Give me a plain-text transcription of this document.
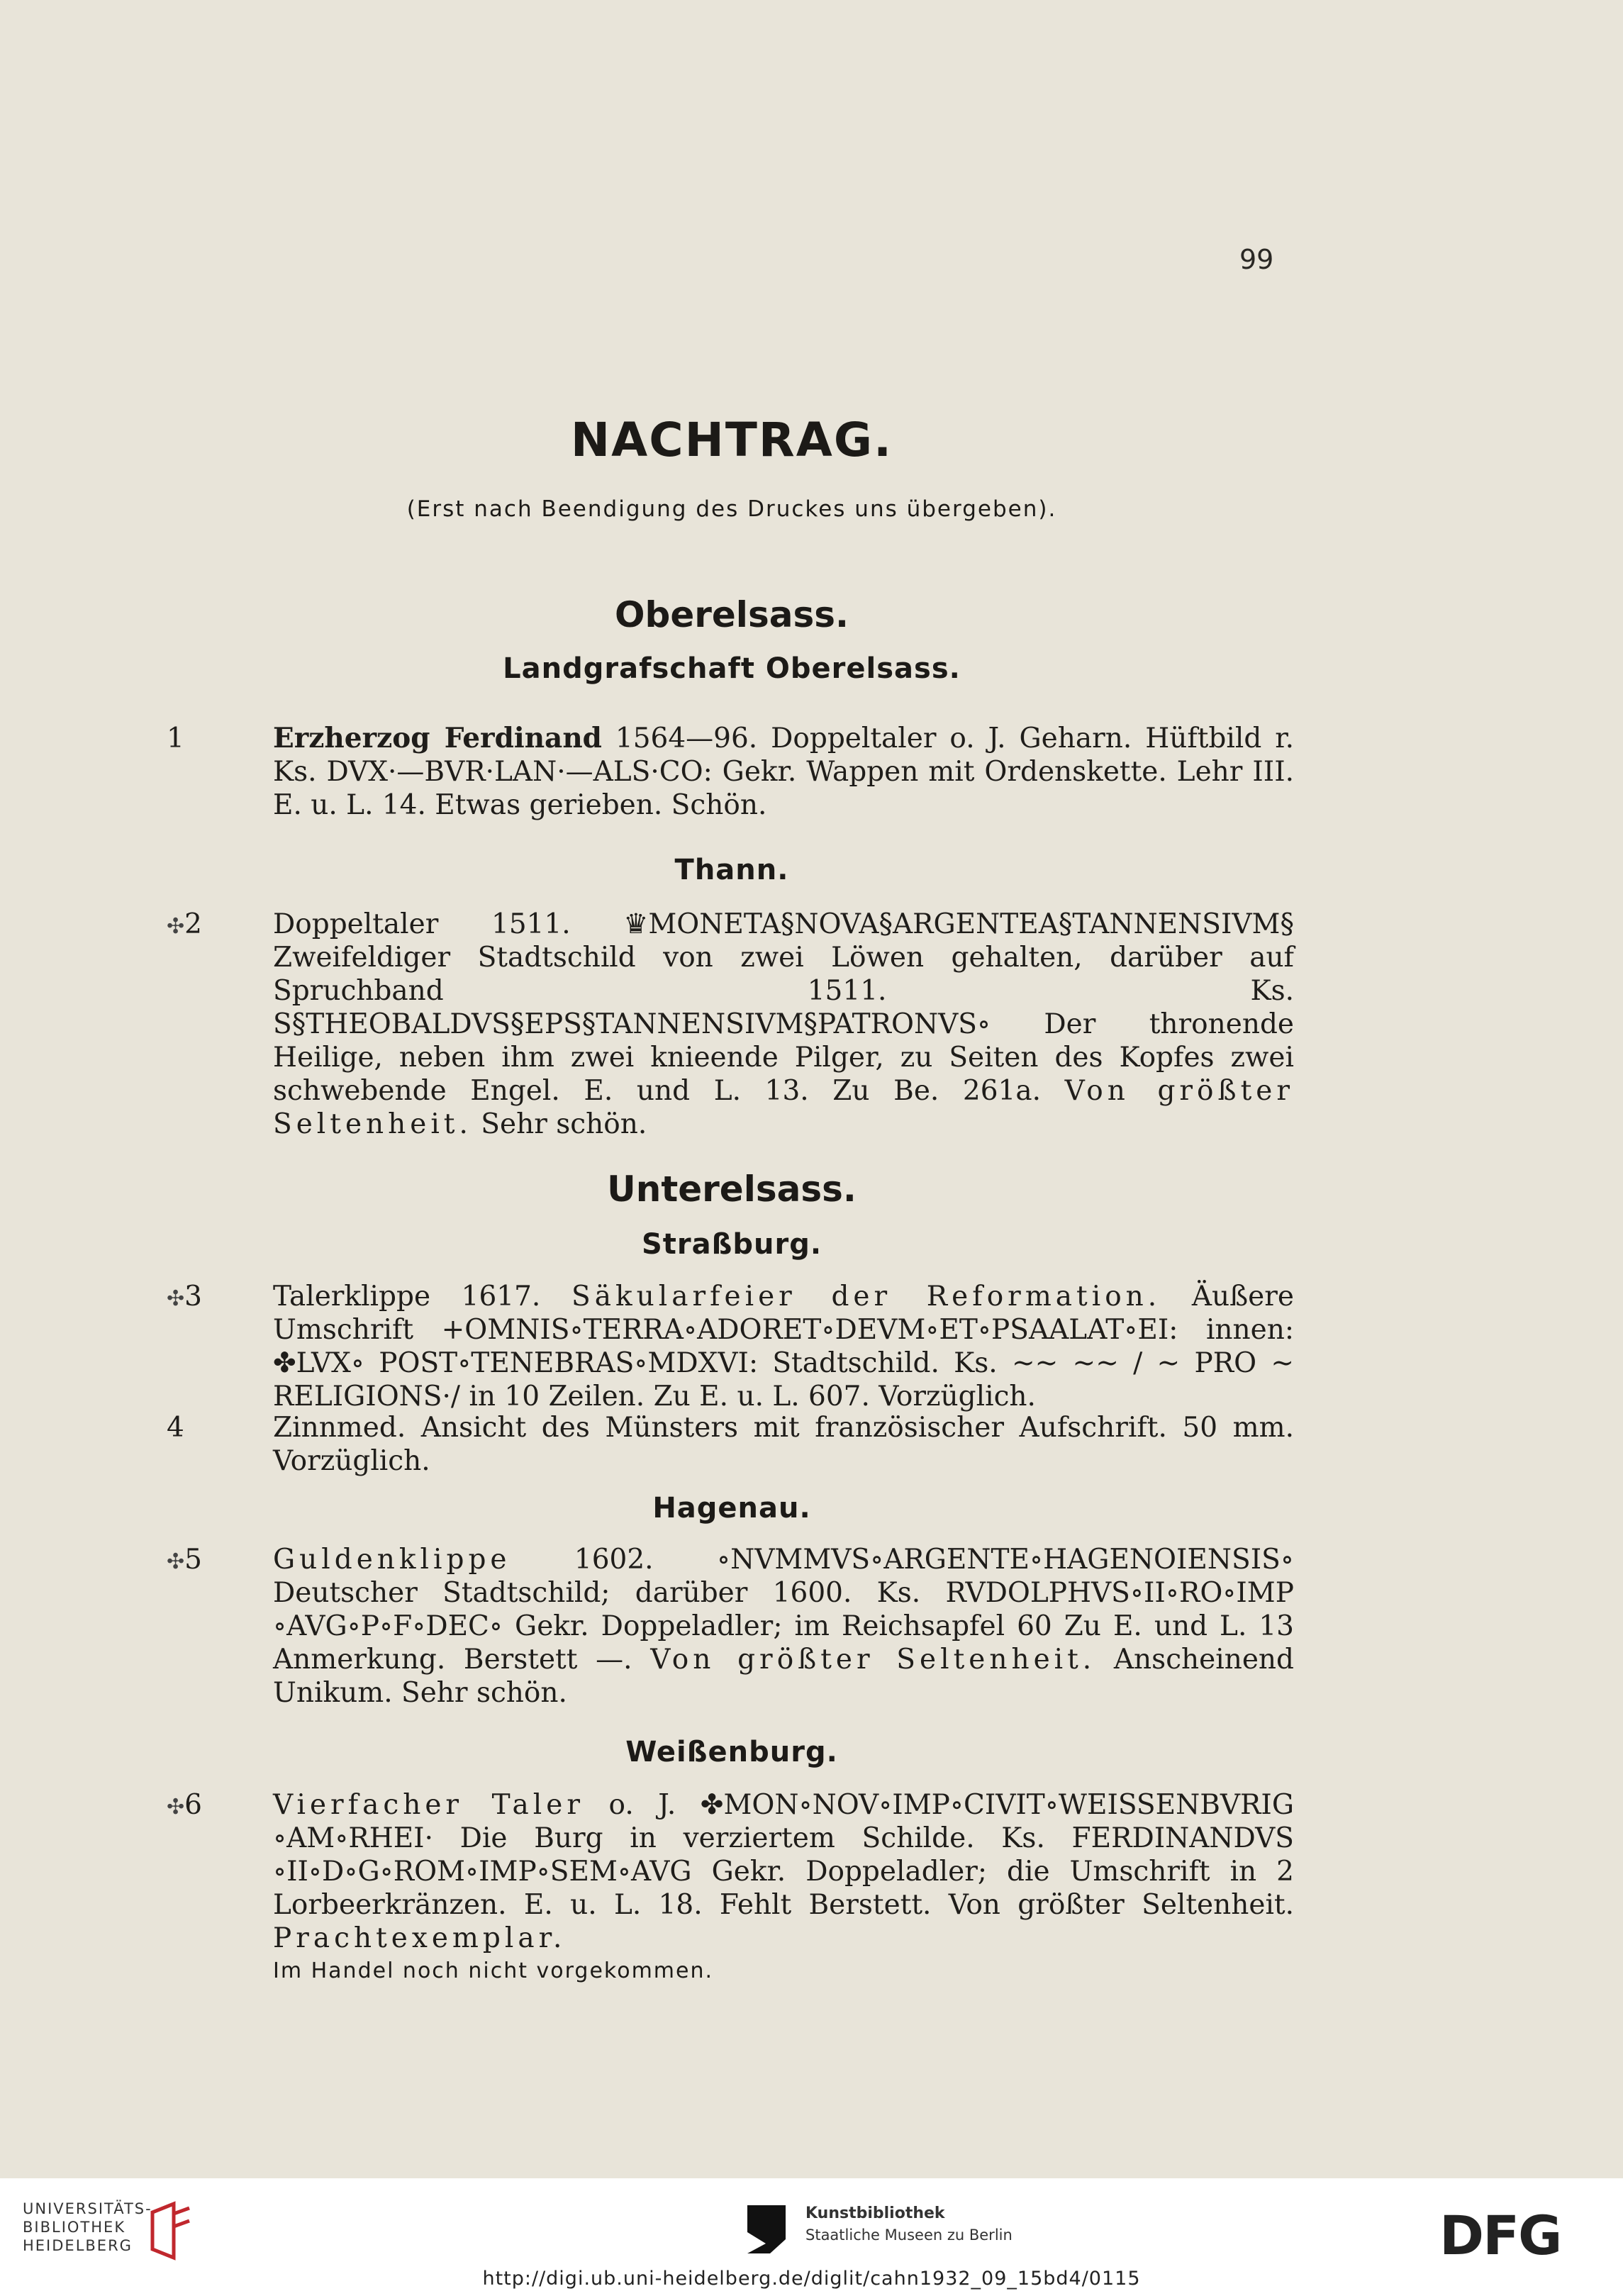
99
NACHTRAG.
(Erst nach Beendigung des Druckes uns übergeben).
Oberelsass.
Landgrafschaft Oberelsass.
1	Erzherzog Ferdinand 1564—96. Doppeltaler o. J. Geharn. Hüftbild r. Ks. DVX·—BVR·LAN·—ALS·CO: Gekr. Wappen mit Ordenskette. Lehr III. E. u. L. 14. Etwas gerieben. Schön.
Thann.
✣2	Doppeltaler 1511. ♛MONETA§NOVA§ARGENTEA§TANNENSIVM§ Zweifeldiger Stadtschild von zwei Löwen gehalten, darüber auf Spruchband 1511. Ks. S§THEOBALDVS§EPS§TANNENSIVM§PATRONVS∘ Der thronende Heilige, neben ihm zwei knieende Pilger, zu Seiten des Kopfes zwei schwebende Engel. E. und L. 13. Zu Be. 261a. Von größter Seltenheit. Sehr schön.
Unterelsass.
Straßburg.
✣3	Talerklippe 1617. Säkularfeier der Reformation. Äußere Umschrift +OMNIS∘TERRA∘ADORET∘DEVM∘ET∘PSAALAT∘EI: innen: ✤LVX∘ POST∘TENEBRAS∘MDXVI: Stadtschild. Ks. ~~ ~~ / ~ PRO ~ RELIGIONS·/ in 10 Zeilen. Zu E. u. L. 607. Vorzüglich.
4	Zinnmed. Ansicht des Münsters mit französischer Aufschrift. 50 mm. Vorzüglich.
Hagenau.
✣5	Guldenklippe 1602. ∘NVMMVS∘ARGENTE∘HAGENOIENSIS∘ Deutscher Stadtschild; darüber 1600. Ks. RVDOLPHVS∘II∘RO∘IMP ∘AVG∘P∘F∘DEC∘ Gekr. Doppeladler; im Reichsapfel 60 Zu E. und L. 13 Anmerkung. Berstett —. Von größter Seltenheit. Anscheinend Unikum. Sehr schön.
Weißenburg.
✣6	Vierfacher Taler o. J. ✤MON∘NOV∘IMP∘CIVIT∘WEISSENBVRIG ∘AM∘RHEI· Die Burg in verziertem Schilde. Ks. FERDINANDVS ∘II∘D∘G∘ROM∘IMP∘SEM∘AVG Gekr. Doppeladler; die Umschrift in 2 Lorbeerkränzen. E. u. L. 18. Fehlt Berstett. Von größter Seltenheit. Prachtexemplar.
Im Handel noch nicht vorgekommen.
UNIVERSITÄTS-
BIBLIOTHEK
HEIDELBERG
Kunstbibliothek
Staatliche Museen zu Berlin	DFG
http://digi.ub.uni-heidelberg.de/diglit/cahn1932_09_15bd4/0115
